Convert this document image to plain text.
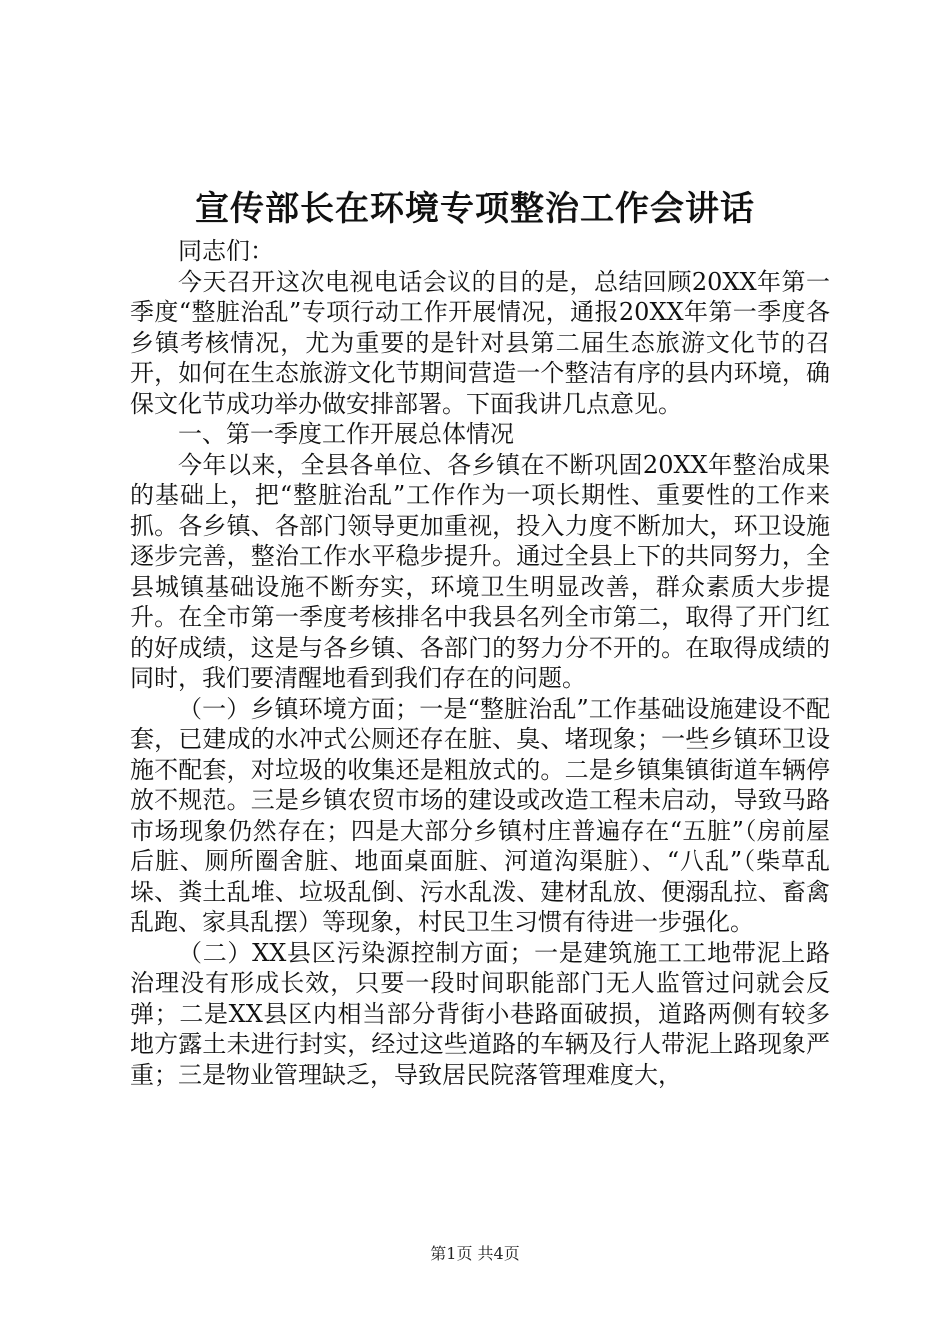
宣传部长在环境专项整治工作会讲话

同志们：

今天召开这次电视电话会议的目的是，总结回顾20XX年第一季度“整脏治乱”专项行动工作开展情况，通报20XX年第一季度各乡镇考核情况，尤为重要的是针对县第二届生态旅游文化节的召开，如何在生态旅游文化节期间营造一个整洁有序的县内环境，确保文化节成功举办做安排部署。下面我讲几点意见。

一、第一季度工作开展总体情况

今年以来，全县各单位、各乡镇在不断巩固20XX年整治成果的基础上，把“整脏治乱”工作作为一项长期性、重要性的工作来抓。各乡镇、各部门领导更加重视，投入力度不断加大，环卫设施逐步完善，整治工作水平稳步提升。通过全县上下的共同努力，全县城镇基础设施不断夯实，环境卫生明显改善，群众素质大步提升。在全市第一季度考核排名中我县名列全市第二，取得了开门红的好成绩，这是与各乡镇、各部门的努力分不开的。在取得成绩的同时，我们要清醒地看到我们存在的问题。

（一）乡镇环境方面；一是“整脏治乱”工作基础设施建设不配套，已建成的水冲式公厕还存在脏、臭、堵现象；一些乡镇环卫设施不配套，对垃圾的收集还是粗放式的。二是乡镇集镇街道车辆停放不规范。三是乡镇农贸市场的建设或改造工程未启动，导致马路市场现象仍然存在；四是大部分乡镇村庄普遍存在“五脏”（房前屋后脏、厕所圈舍脏、地面桌面脏、河道沟渠脏）、“八乱”（柴草乱垛、粪土乱堆、垃圾乱倒、污水乱泼、建材乱放、便溺乱拉、畜禽乱跑、家具乱摆）等现象，村民卫生习惯有待进一步强化。

（二）XX县区污染源控制方面；一是建筑施工工地带泥上路治理没有形成长效，只要一段时间职能部门无人监管过问就会反弹；二是XX县区内相当部分背街小巷路面破损，道路两侧有较多地方露土未进行封实，经过这些道路的车辆及行人带泥上路现象严重；三是物业管理缺乏，导致居民院落管理难度大，

第1页 共4页
